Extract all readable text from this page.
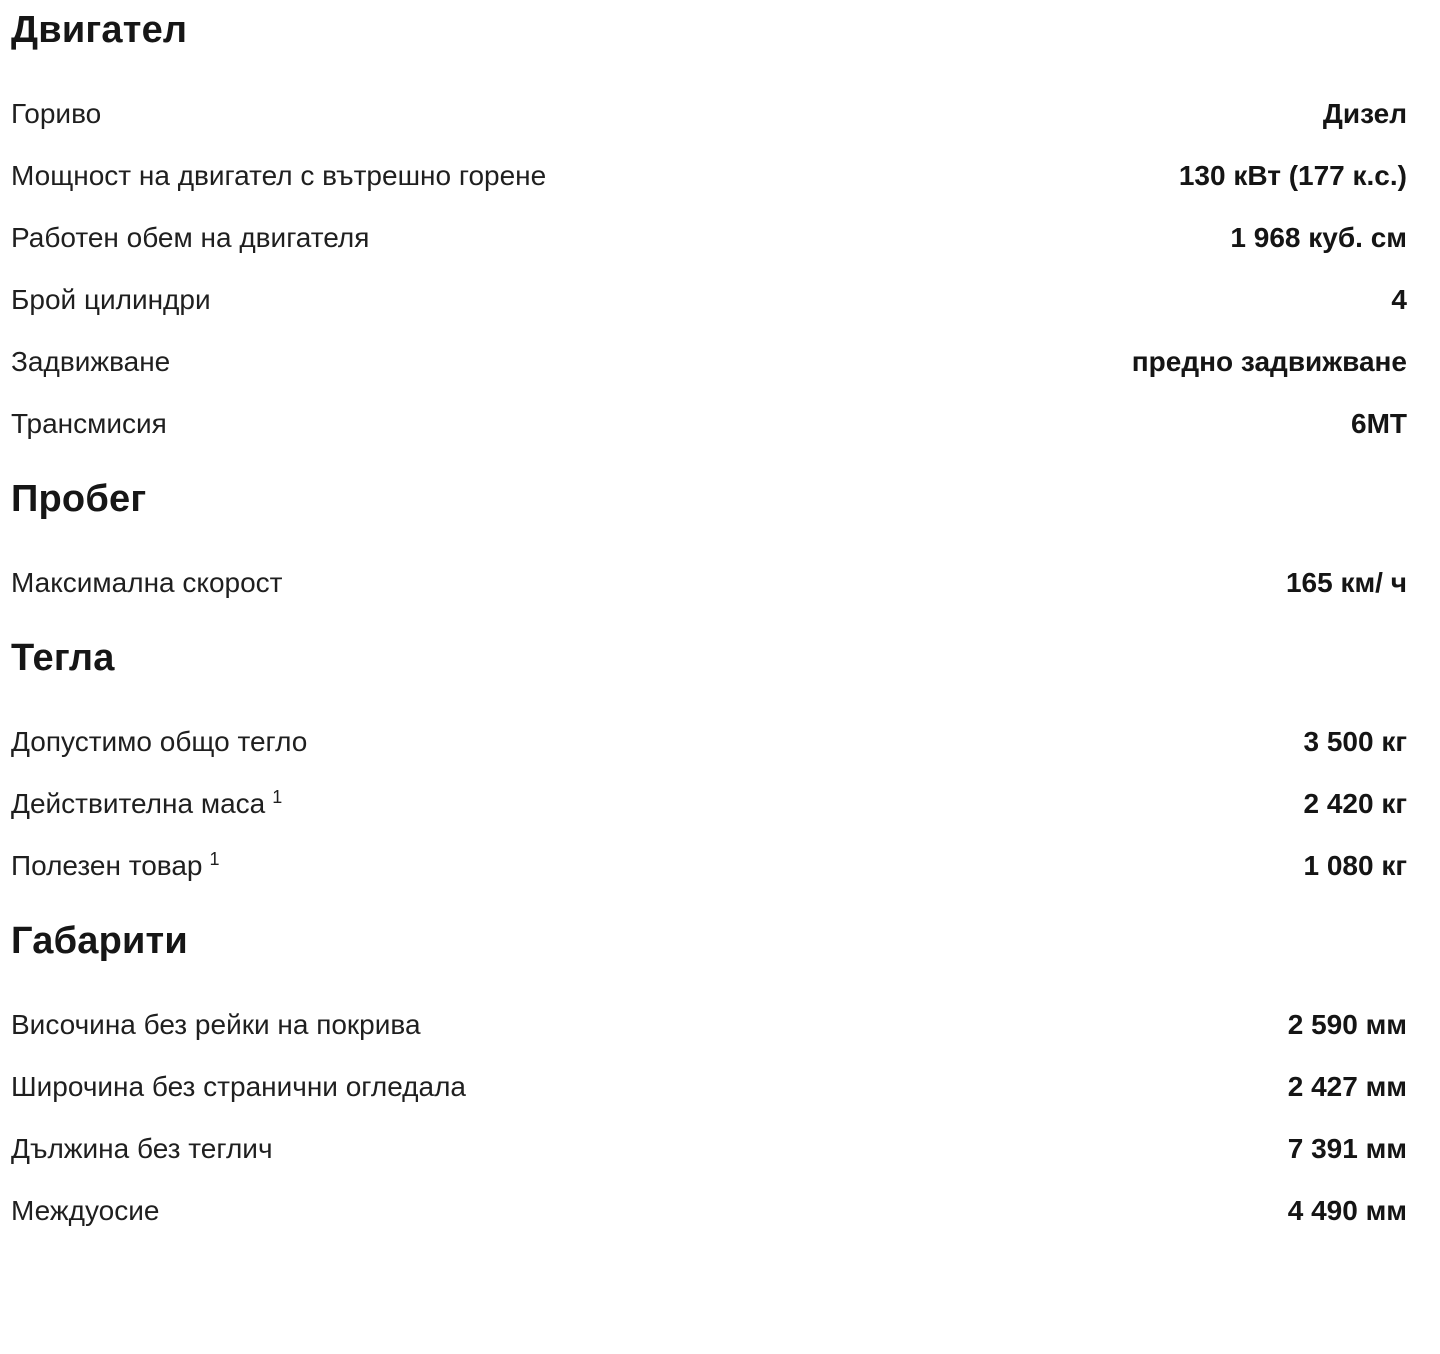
Двигател
Гориво	Дизел
Мощност на двигател с вътрешно горене	130 кВт (177 к.с.)
Работен обем на двигателя	1 968 куб. см
Брой цилиндри	4
Задвижване	предно задвижване
Трансмисия	6MT
Пробег
Максимална скорост	165 км/ ч
Тегла
Допустимо общо тегло	3 500 кг
Действителна маса $^1$	2 420 кг
Полезен товар $^1$	1 080 кг
Габарити
Височина без рейки на покрива	2 590 мм
Широчина без странични огледала	2 427 мм
Дължина без теглич	7 391 мм
Междуосие	4 490 мм
